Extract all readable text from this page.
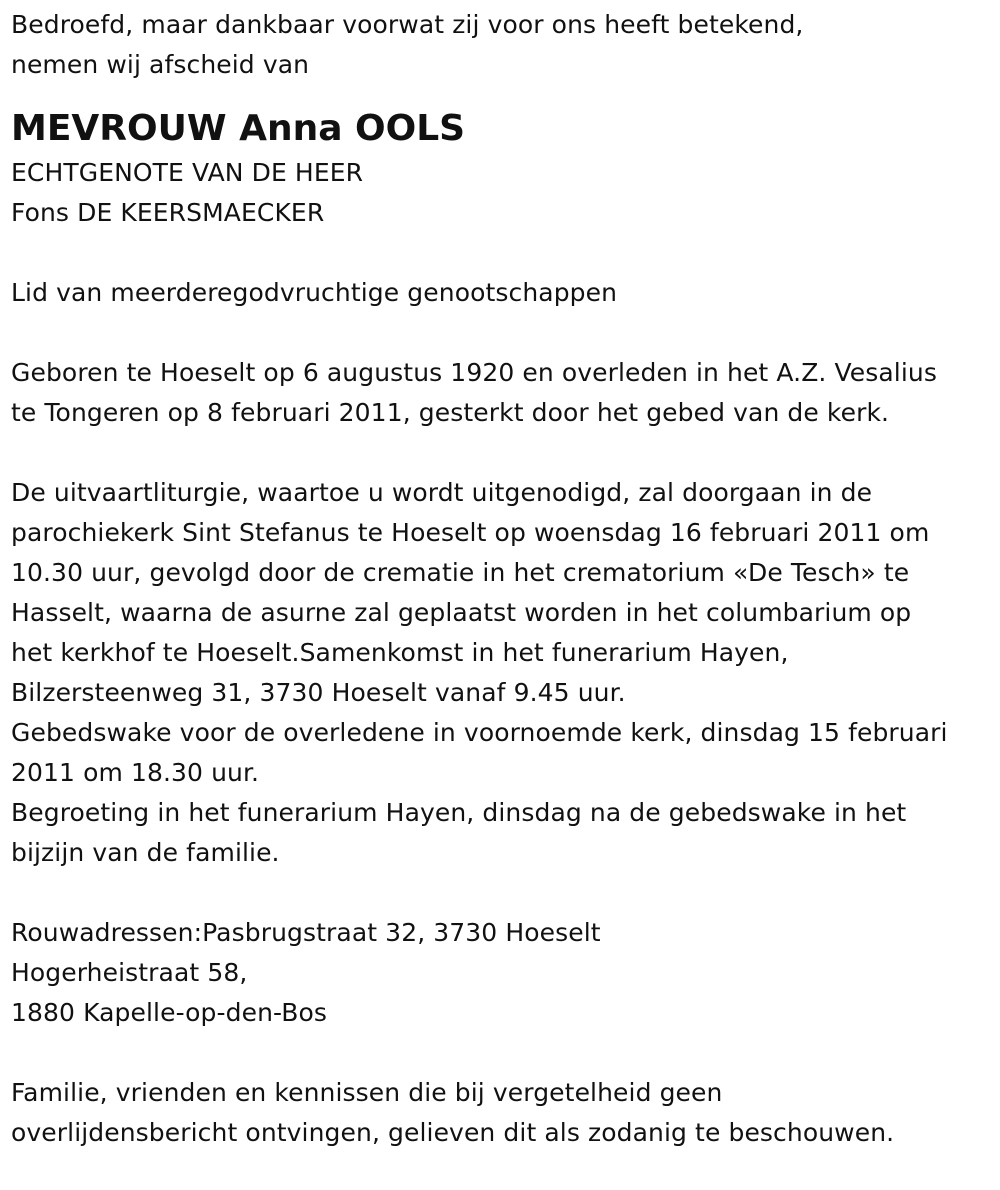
Bedroefd, maar dankbaar voorwat zij voor ons heeft betekend,
nemen wij afscheid van
MEVROUW Anna OOLS
ECHTGENOTE VAN DE HEER
Fons DE KEERSMAECKER
Lid van meerderegodvruchtige genootschappen
Geboren te Hoeselt op 6 augustus 1920 en overleden in het A.Z. Vesalius
te Tongeren op 8 februari 2011, gesterkt door het gebed van de kerk.
De uitvaartliturgie, waartoe u wordt uitgenodigd, zal doorgaan in de
parochiekerk Sint Stefanus te Hoeselt op woensdag 16 februari 2011 om
10.30 uur, gevolgd door de crematie in het crematorium «De Tesch» te
Hasselt, waarna de asurne zal geplaatst worden in het columbarium op
het kerkhof te Hoeselt.Samenkomst in het funerarium Hayen,
Bilzersteenweg 31, 3730 Hoeselt vanaf 9.45 uur.
Gebedswake voor de overledene in voornoemde kerk, dinsdag 15 februari
2011 om 18.30 uur.
Begroeting in het funerarium Hayen, dinsdag na de gebedswake in het
bijzijn van de familie.
Rouwadressen:Pasbrugstraat 32, 3730 Hoeselt
Hogerheistraat 58,
1880 Kapelle-op-den-Bos
Familie, vrienden en kennissen die bij vergetelheid geen
overlijdensbericht ontvingen, gelieven dit als zodanig te beschouwen.
